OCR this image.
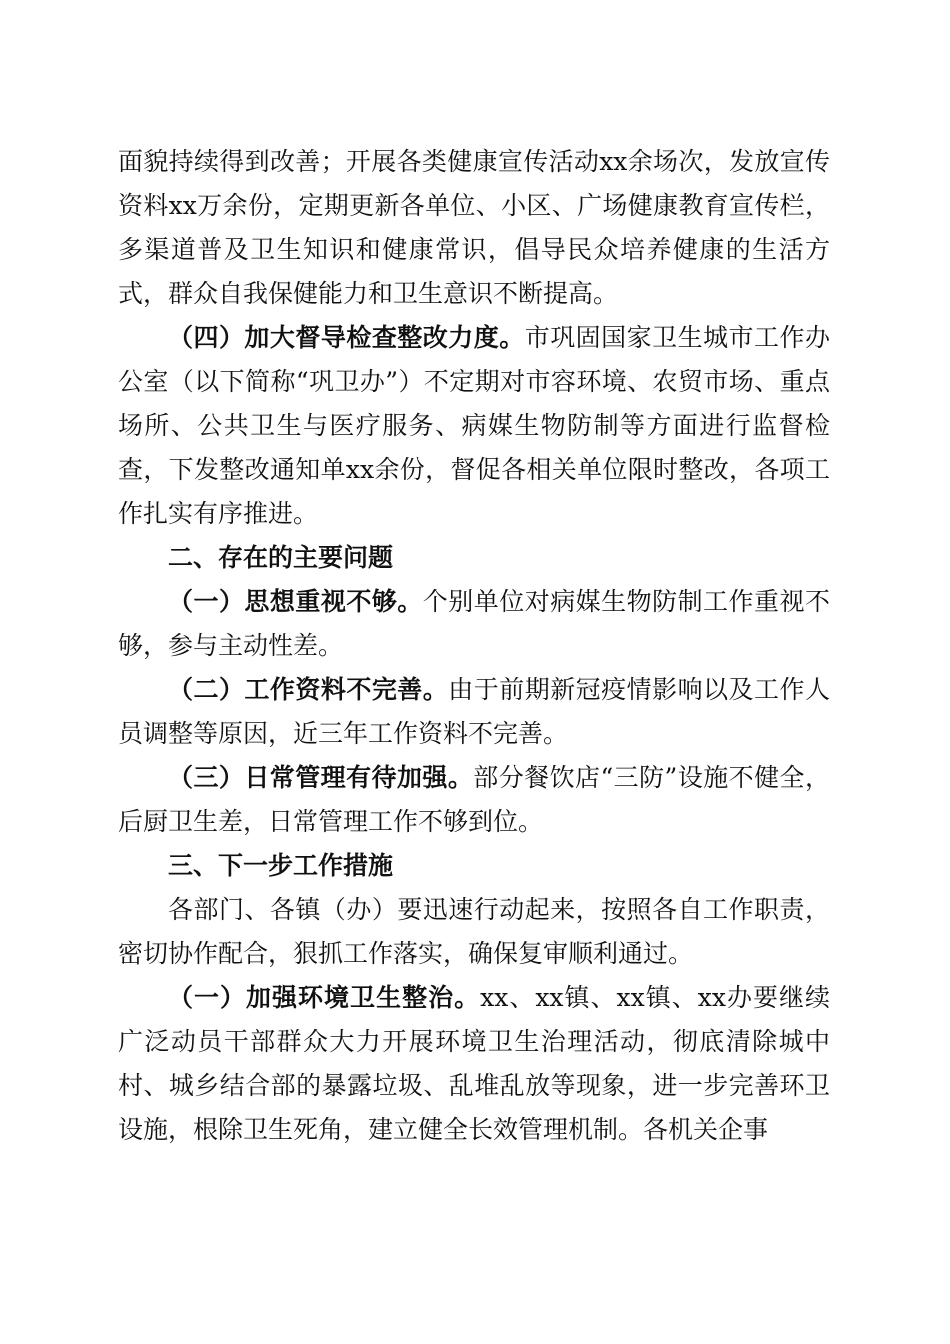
面貌持续得到改善；开展各类健康宣传活动xx余场次，发放宣传资料xx万余份，定期更新各单位、小区、广场健康教育宣传栏，多渠道普及卫生知识和健康常识，倡导民众培养健康的生活方式，群众自我保健能力和卫生意识不断提高。

（四）加大督导检查整改力度。市巩固国家卫生城市工作办公室（以下简称“巩卫办”）不定期对市容环境、农贸市场、重点场所、公共卫生与医疗服务、病媒生物防制等方面进行监督检查，下发整改通知单xx余份，督促各相关单位限时整改，各项工作扎实有序推进。

二、存在的主要问题

（一）思想重视不够。个别单位对病媒生物防制工作重视不够，参与主动性差。

（二）工作资料不完善。由于前期新冠疫情影响以及工作人员调整等原因，近三年工作资料不完善。

（三）日常管理有待加强。部分餐饮店“三防”设施不健全，后厨卫生差，日常管理工作不够到位。

三、下一步工作措施

各部门、各镇（办）要迅速行动起来，按照各自工作职责，密切协作配合，狠抓工作落实，确保复审顺利通过。

（一）加强环境卫生整治。xx、xx镇、xx镇、xx办要继续广泛动员干部群众大力开展环境卫生治理活动，彻底清除城中村、城乡结合部的暴露垃圾、乱堆乱放等现象，进一步完善环卫设施，根除卫生死角，建立健全长效管理机制。各机关企事
